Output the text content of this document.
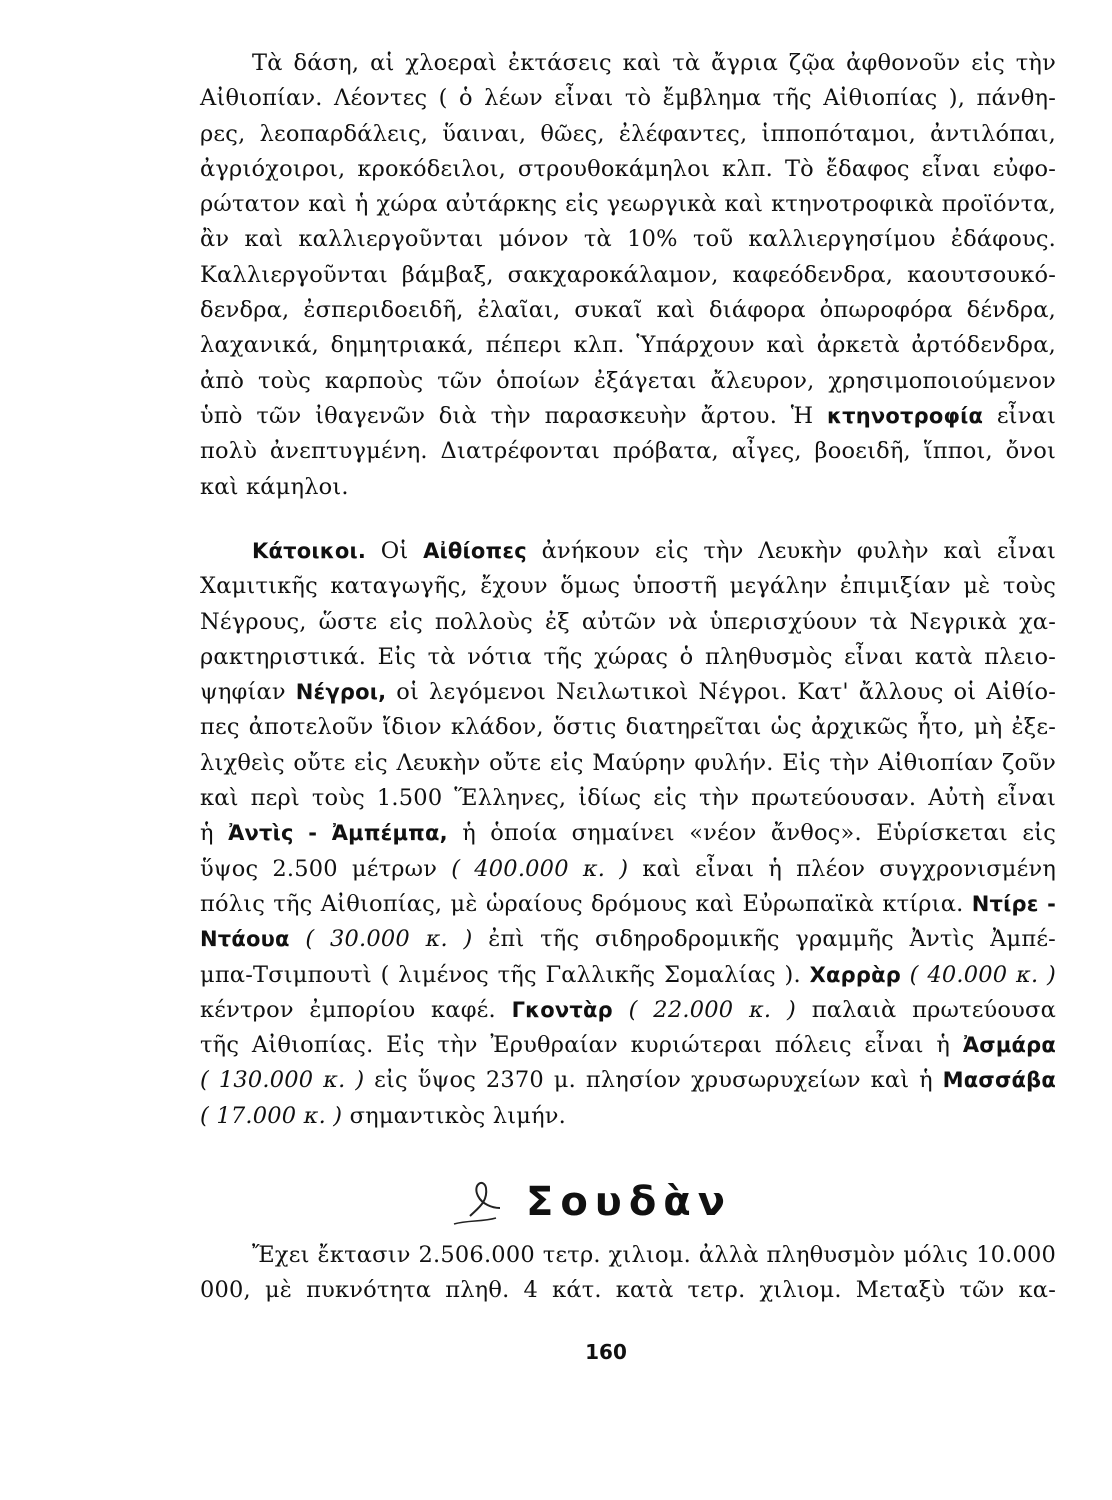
Τὰ δάση, αἱ χλοεραὶ ἐκτάσεις καὶ τὰ ἄγρια ζῷα ἀφθονοῦν εἰς τὴν
Αἰθιοπίαν. Λέοντες ( ὁ λέων εἶναι τὸ ἔμβλημα τῆς Αἰθιοπίας ), πάνθη-
ρες, λεοπαρδάλεις, ὕαιναι, θῶες, ἐλέφαντες, ἱπποπόταμοι, ἀντιλόπαι,
ἀγριόχοιροι, κροκόδειλοι, στρουθοκάμηλοι κλπ. Τὸ ἔδαφος εἶναι εὐφο-
ρώτατον καὶ ἡ χώρα αὐτάρκης εἰς γεωργικὰ καὶ κτηνοτροφικὰ προϊόντα,
ἂν καὶ καλλιεργοῦνται μόνον τὰ 10% τοῦ καλλιεργησίμου ἐδάφους.
Καλλιεργοῦνται βάμβαξ, σακχαροκάλαμον, καφεόδενδρα, καουτσουκό-
δενδρα, ἐσπεριδοειδῆ, ἐλαῖαι, συκαῖ καὶ διάφορα ὀπωροφόρα δένδρα,
λαχανικά, δημητριακά, πέπερι κλπ. Ὑπάρχουν καὶ ἀρκετὰ ἀρτόδενδρα,
ἀπὸ τοὺς καρποὺς τῶν ὁποίων ἐξάγεται ἄλευρον, χρησιμοποιούμενον
ὑπὸ τῶν ἰθαγενῶν διὰ τὴν παρασκευὴν ἄρτου. Ἡ κτηνοτροφία εἶναι
πολὺ ἀνεπτυγμένη. Διατρέφονται πρόβατα, αἶγες, βοοειδῆ, ἵπποι, ὄνοι
καὶ κάμηλοι.

Κάτοικοι. Οἱ Αἰθίοπες ἀνήκουν εἰς τὴν Λευκὴν φυλὴν καὶ εἶναι
Χαμιτικῆς καταγωγῆς, ἔχουν ὅμως ὑποστῆ μεγάλην ἐπιμιξίαν μὲ τοὺς
Νέγρους, ὥστε εἰς πολλοὺς ἐξ αὐτῶν νὰ ὑπερισχύουν τὰ Νεγρικὰ χα-
ρακτηριστικά. Εἰς τὰ νότια τῆς χώρας ὁ πληθυσμὸς εἶναι κατὰ πλειο-
ψηφίαν Νέγροι, οἱ λεγόμενοι Νειλωτικοὶ Νέγροι. Κατ' ἄλλους οἱ Αἰθίο-
πες ἀποτελοῦν ἴδιον κλάδον, ὅστις διατηρεῖται ὡς ἀρχικῶς ἦτο, μὴ ἐξε-
λιχθεὶς οὔτε εἰς Λευκὴν οὔτε εἰς Μαύρην φυλήν. Εἰς τὴν Αἰθιοπίαν ζοῦν
καὶ περὶ τοὺς 1.500 Ἕλληνες, ἰδίως εἰς τὴν πρωτεύουσαν. Αὐτὴ εἶναι
ἡ Ἀντὶς - Ἀμπέμπα, ἡ ὁποία σημαίνει «νέον ἄνθος». Εὑρίσκεται εἰς
ὕψος 2.500 μέτρων ( 400.000 κ. ) καὶ εἶναι ἡ πλέον συγχρονισμένη
πόλις τῆς Αἰθιοπίας, μὲ ὡραίους δρόμους καὶ Εὐρωπαϊκὰ κτίρια. Ντίρε -
Ντάουα ( 30.000 κ. ) ἐπὶ τῆς σιδηροδρομικῆς γραμμῆς Ἀντὶς Ἀμπέ-
μπα-Τσιμπουτὶ ( λιμένος τῆς Γαλλικῆς Σομαλίας ). Χαρρὰρ ( 40.000 κ. )
κέντρον ἐμπορίου καφέ. Γκοντὰρ ( 22.000 κ. ) παλαιὰ πρωτεύουσα
τῆς Αἰθιοπίας. Εἰς τὴν Ἐρυθραίαν κυριώτεραι πόλεις εἶναι ἡ Ἀσμάρα
( 130.000 κ. ) εἰς ὕψος 2370 μ. πλησίον χρυσωρυχείων καὶ ἡ Μασσάβα
( 17.000 κ. ) σημαντικὸς λιμήν.

Σουδὰν

Ἔχει ἔκτασιν 2.506.000 τετρ. χιλιομ. ἀλλὰ πληθυσμὸν μόλις 10.000
000, μὲ πυκνότητα πληθ. 4 κάτ. κατὰ τετρ. χιλιομ. Μεταξὺ τῶν κα-

160
